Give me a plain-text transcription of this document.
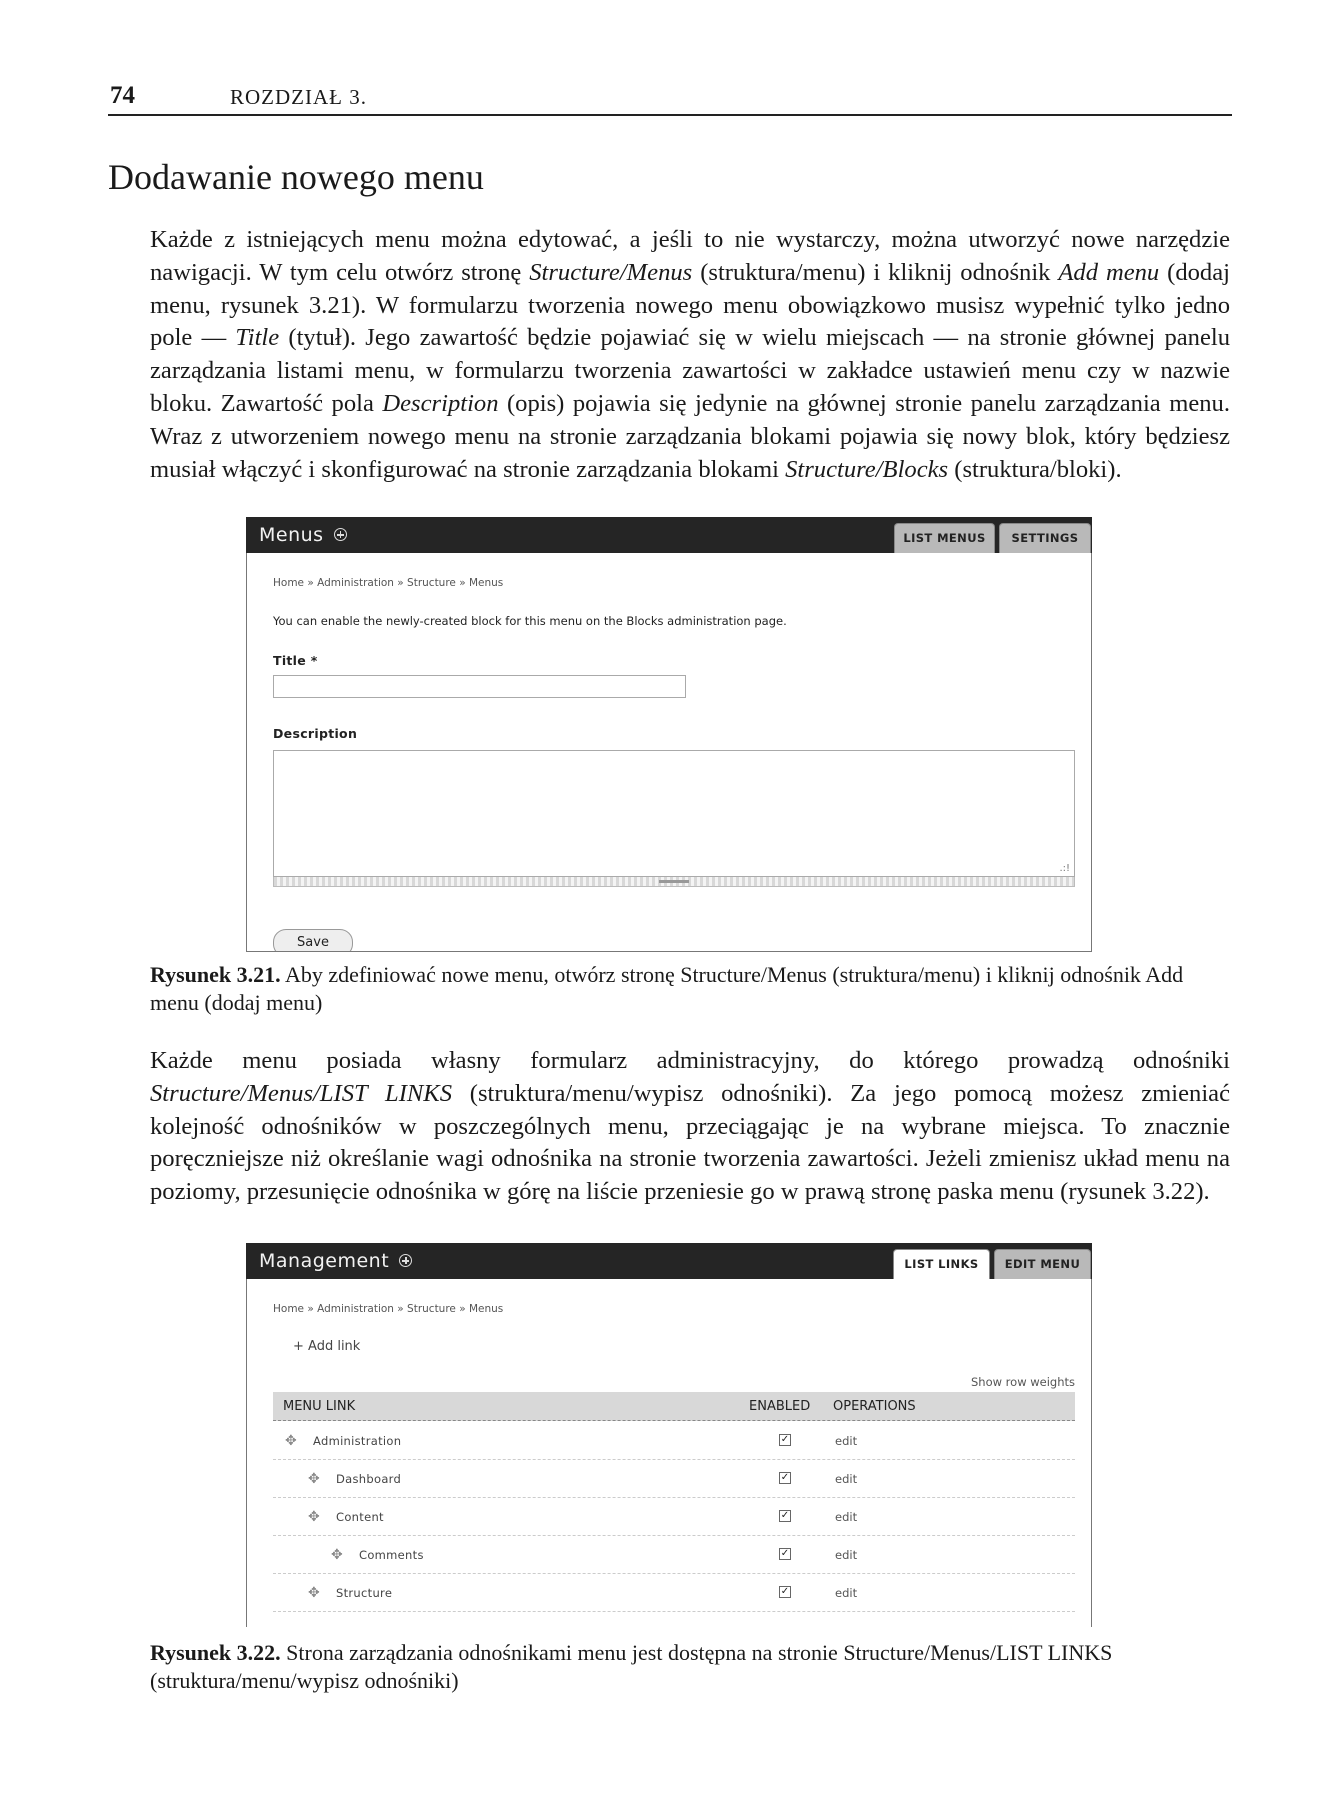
74	ROZDZIAŁ 3.
Dodawanie nowego menu

Każde z istniejących menu można edytować, a jeśli to nie wystarczy, można utworzyć nowe narzędzie nawigacji. W tym celu otwórz stronę Structure/Menus (struktura/menu) i kliknij odnośnik Add menu (dodaj menu, rysunek 3.21). W formularzu tworzenia nowego menu obowiązkowo musisz wypełnić tylko jedno pole — Title (tytuł). Jego zawartość będzie pojawiać się w wielu miejscach — na stronie głównej panelu zarządzania listami menu, w formularzu tworzenia zawartości w zakładce ustawień menu czy w nazwie bloku. Zawartość pola Description (opis) pojawia się jedynie na głównej stronie panelu zarządzania menu. Wraz z utworzeniem nowego menu na stronie zarządzania blokami pojawia się nowy blok, który będziesz musiał włączyć i skonfigurować na stronie zarządzania blokami Structure/Blocks (struktura/bloki).

Menus	LIST MENUS	SETTINGS
Home » Administration » Structure » Menus
You can enable the newly-created block for this menu on the Blocks administration page.
Title *
Description
.:!
Save

Rysunek 3.21. Aby zdefiniować nowe menu, otwórz stronę Structure/Menus (struktura/menu) i kliknij odnośnik Add menu (dodaj menu)

Każde menu posiada własny formularz administracyjny, do którego prowadzą odnośniki Structure/Menus/LIST LINKS (struktura/menu/wypisz odnośniki). Za jego pomocą możesz zmieniać kolejność odnośników w poszczególnych menu, przeciągając je na wybrane miejsca. To znacznie poręczniejsze niż określanie wagi odnośnika na stronie tworzenia zawartości. Jeżeli zmienisz układ menu na poziomy, przesunięcie odnośnika w górę na liście przeniesie go w prawą stronę paska menu (rysunek 3.22).

Management	LIST LINKS	EDIT MENU
Home » Administration » Structure » Menus
+ Add link
Show row weights
MENU LINK	ENABLED OPERATIONS
✥ Administration	✓	edit
✥ Dashboard	✓	edit
✥ Content	✓	edit
✥ Comments	✓	edit
✥ Structure	✓	edit

Rysunek 3.22. Strona zarządzania odnośnikami menu jest dostępna na stronie Structure/Menus/LIST LINKS (struktura/menu/wypisz odnośniki)
